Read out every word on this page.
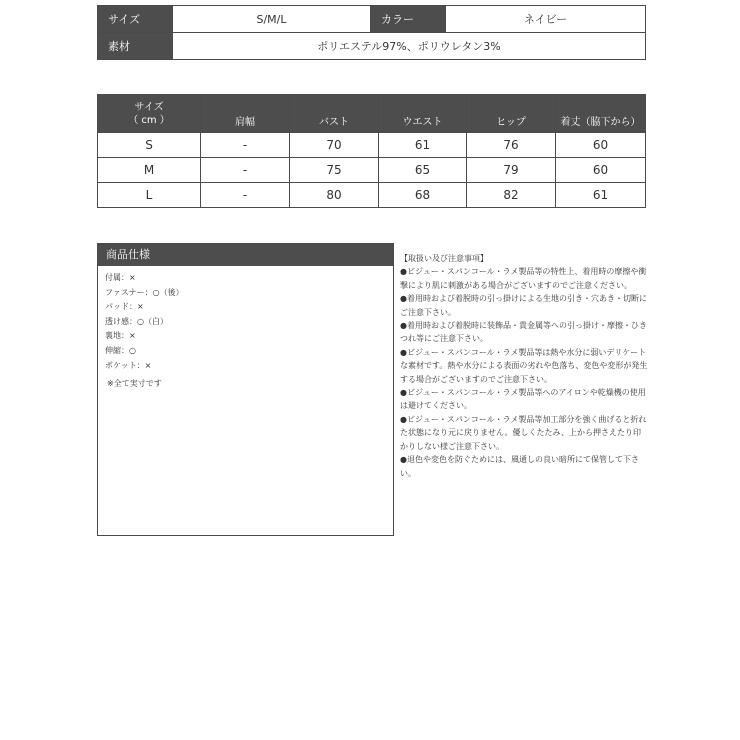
サイズ	S/M/L	カラー	ネイビー
素材	ポリエステル97%、ポリウレタン3%		
サイズ
（ cm ）	肩幅	バスト	ウエスト	ヒップ	着丈（脇下から）
S	-	70	61	76	60
M	-	75	65	79	60
L	-	80	68	82	61
商品仕様
付属：×
ファスナー：○（後）
パッド：×
透け感：○（白）
裏地：×
伸縮：○
ポケット：×
※全て実寸です

【取扱い及び注意事項】

●ビジュー・スパンコール・ラメ製品等の特性上、着用時の摩擦や衝撃により肌に刺激がある場合がございますのでご注意ください。

●着用時および着脱時の引っ掛けによる生地の引き・穴あき・切断にご注意下さい。

●着用時および着脱時に装飾品・貴金属等への引っ掛け・摩擦・ひきつれ等にご注意下さい。

●ビジュー・スパンコール・ラメ製品等は熱や水分に弱いデリケートな素材です。熱や水分による表面の劣れや色落ち、変色や変形が発生する場合がございますのでご注意下さい。

●ビジュー・スパンコール・ラメ製品等へのアイロンや乾燥機の使用は避けてください。

●ビジュー・スパンコール・ラメ製品等加工部分を強く曲げると折れた状態になり元に戻りません。優しくたたみ、上から押さえたり印かりしない様ご注意下さい。

●退色や変色を防ぐためには、風通しの良い暗所にて保管して下さい。
